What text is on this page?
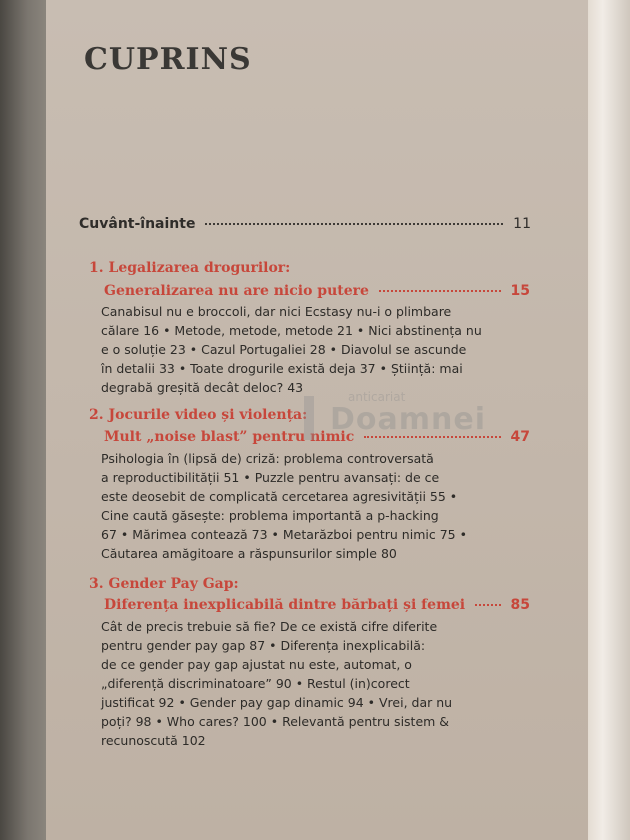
CUPRINS
Cuvânt-înainte	11
1. Legalizarea drogurilor:
Generalizarea nu are nicio putere	15

Canabisul nu e broccoli, dar nici Ecstasy nu-i o plimbare
călare 16 • Metode, metode, metode 21 • Nici abstinența nu
e o soluție 23 • Cazul Portugaliei 28 • Diavolul se ascunde
în detalii 33 • Toate drogurile există deja 37 • Știință: mai
degrabă greșită decât deloc? 43

2. Jocurile video și violența:
Mult „noise blast” pentru nimic	47

Psihologia în (lipsă de) criză: problema controversată
a reproductibilității 51 • Puzzle pentru avansați: de ce
este deosebit de complicată cercetarea agresivității 55 •
Cine caută găsește: problema importantă a p-hacking
67 • Mărimea contează 73 • Metarăzboi pentru nimic 75 •
Căutarea amăgitoare a răspunsurilor simple 80

3. Gender Pay Gap:
Diferența inexplicabilă dintre bărbați și femei	85

Cât de precis trebuie să fie? De ce există cifre diferite
pentru gender pay gap 87 • Diferența inexplicabilă:
de ce gender pay gap ajustat nu este, automat, o
„diferență discriminatoare” 90 • Restul (in)corect
justificat 92 • Gender pay gap dinamic 94 • Vrei, dar nu
poți? 98 • Who cares? 100 • Relevantă pentru sistem &
recunoscută 102

anticariat
Doamnei
